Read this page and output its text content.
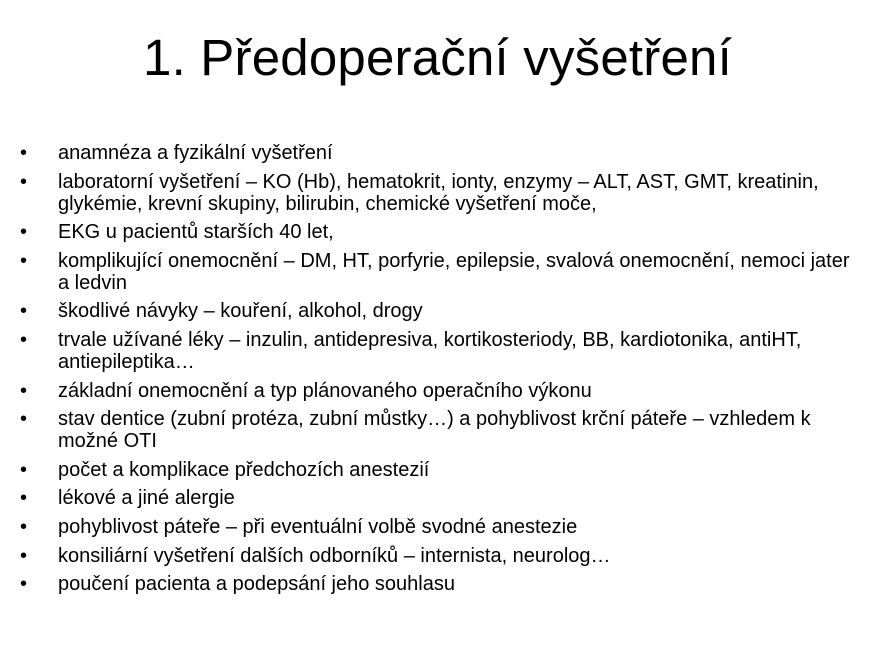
1. Předoperační vyšetření
•	anamnéza a fyzikální vyšetření
•	laboratorní vyšetření – KO (Hb), hematokrit, ionty, enzymy – ALT, AST, GMT, kreatinin, glykémie, krevní skupiny, bilirubin, chemické vyšetření moče,
•	EKG u pacientů starších 40 let,
•	komplikující onemocnění – DM, HT, porfyrie, epilepsie, svalová onemocnění, nemoci jater a ledvin
•	škodlivé návyky – kouření, alkohol, drogy
•	trvale užívané léky – inzulin, antidepresiva, kortikosteriody, BB, kardiotonika, antiHT, antiepileptika…
•	základní onemocnění a typ plánovaného operačního výkonu
•	stav dentice (zubní protéza, zubní můstky…) a pohyblivost krční páteře – vzhledem k možné OTI
•	počet a komplikace předchozích anestezií
•	lékové a jiné alergie
•	pohyblivost páteře – při eventuální volbě svodné anestezie
•	konsiliární vyšetření dalších odborníků – internista, neurolog…
•	poučení pacienta a podepsání jeho souhlasu
